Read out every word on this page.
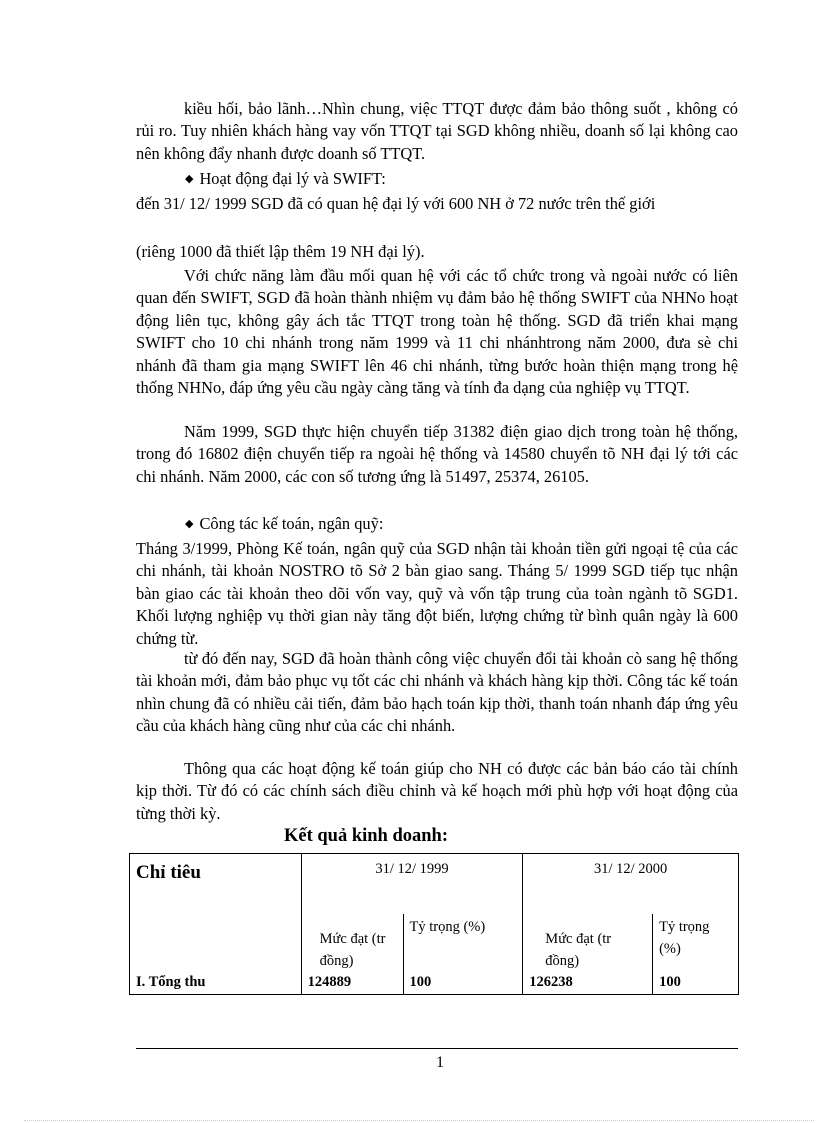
kiều hối, bảo lãnh…Nhìn chung, việc TTQT được đảm bảo thông suốt , không có rủi ro. Tuy nhiên khách hàng vay vốn TTQT tại SGD không nhiều, doanh số lại không cao nên không đẩy nhanh được doanh số TTQT.

◆ Hoạt động đại lý và SWIFT:

đến 31/ 12/ 1999 SGD đã có quan hệ đại lý với 600 NH ở 72 nước trên thế giới

(riêng 1000 đã thiết lập thêm 19 NH đại lý).

Với chức năng làm đầu mối quan hệ với các tổ chức trong và ngoài nước có liên quan đến SWIFT, SGD đã hoàn thành nhiệm vụ đảm bảo hệ thống SWIFT của NHNo hoạt động liên tục, không gây ách tắc TTQT trong toàn hệ thống. SGD đã triển khai mạng SWIFT cho 10 chi nhánh trong năm 1999 và 11 chi nhánhtrong năm 2000, đưa sè chi nhánh đã tham gia mạng SWIFT lên 46 chi nhánh, từng bước hoàn thiện mạng trong hệ thống NHNo, đáp ứng yêu cầu ngày càng tăng và tính đa dạng của nghiệp vụ TTQT.

Năm 1999, SGD thực hiện chuyển tiếp 31382 điện giao dịch trong toàn hệ thống, trong đó 16802 điện chuyển tiếp ra ngoài hệ thống và 14580 chuyển tõ NH đại lý tới các chi nhánh. Năm 2000, các con số tương ứng là 51497, 25374, 26105.

◆ Công tác kế toán, ngân quỹ:

Tháng 3/1999, Phòng Kế toán, ngân quỹ của SGD nhận tài khoản tiền gửi ngoại tệ của các chi nhánh, tài khoản NOSTRO tõ Sở 2 bàn giao sang. Tháng 5/ 1999 SGD tiếp tục nhận bàn giao các tài khoản theo dõi vốn vay, quỹ và vốn tập trung của toàn ngành tõ SGD1. Khối lượng nghiệp vụ thời gian này tăng đột biến, lượng chứng từ bình quân ngày là 600 chứng từ.

từ đó đến nay, SGD đã hoàn thành công việc chuyển đổi tài khoản cò sang hệ thống tài khoản mới, đảm bảo phục vụ tốt các chi nhánh và khách hàng kịp thời. Công tác kế toán nhìn chung đã có nhiều cải tiến, đảm bảo hạch toán kịp thời, thanh toán nhanh đáp ứng yêu cầu của khách hàng cũng như của các chi nhánh.

Thông qua các hoạt động kế toán giúp cho NH có được các bản báo cáo tài chính kịp thời. Từ đó có các chính sách điều chỉnh và kế hoạch mới phù hợp với hoạt động của từng thời kỳ.

Kết quả kinh doanh:

Chỉ tiêu	31/ 12/ 1999		31/ 12/ 2000	
	Mức đạt (tr đồng)	Tỷ trọng (%)	Mức đạt (tr đồng)	Tỷ trọng (%)
I. Tổng thu	124889	100	126238	100
1
